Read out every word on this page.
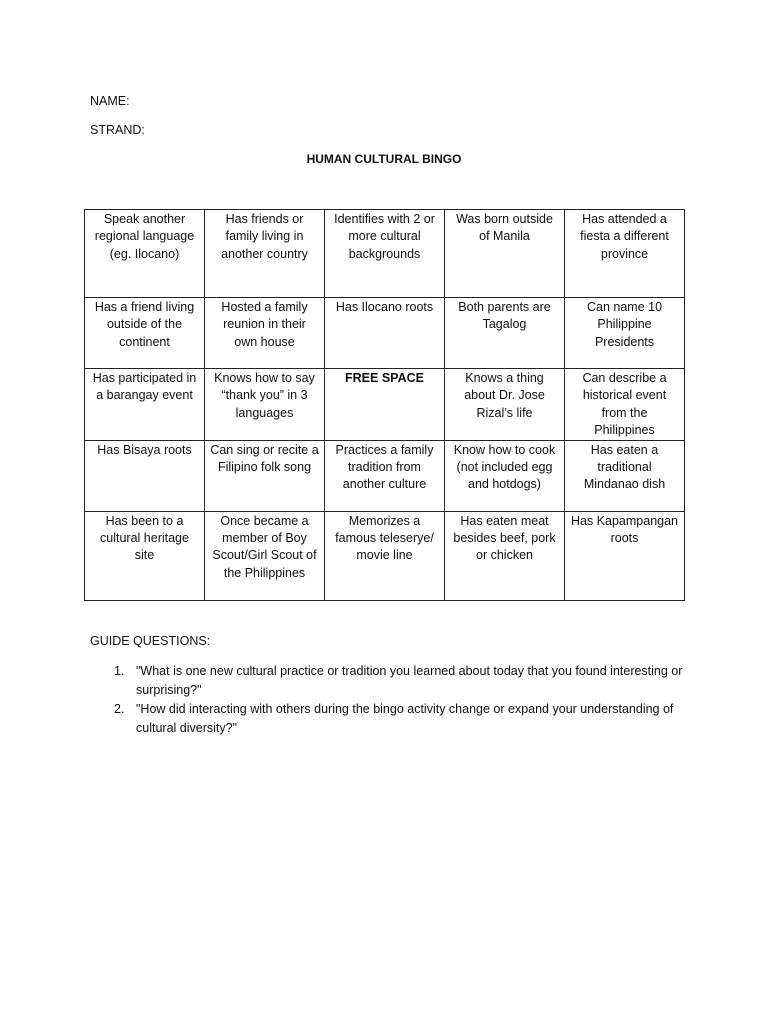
NAME:
STRAND:
HUMAN CULTURAL BINGO
Speak another regional language (eg. Ilocano)	Has friends or family living in another country	Identifies with 2 or more cultural backgrounds	Was born outside of Manila	Has attended a fiesta a different province
Has a friend living outside of the continent	Hosted a family reunion in their own house	Has Ilocano roots	Both parents are Tagalog	Can name 10 Philippine Presidents
Has participated in a barangay event	Knows how to say “thank you” in 3 languages	FREE SPACE	Knows a thing about Dr. Jose Rizal’s life	Can describe a historical event from the Philippines
Has Bisaya roots	Can sing or recite a Filipino folk song	Practices a family tradition from another culture	Know how to cook (not included egg and hotdogs)	Has eaten a traditional Mindanao dish
Has been to a cultural heritage site	Once became a member of Boy Scout/Girl Scout of the Philippines	Memorizes a famous teleserye/ movie line	Has eaten meat besides beef, pork or chicken	Has Kapampangan roots
GUIDE QUESTIONS:
1. "What is one new cultural practice or tradition you learned about today that you found interesting or surprising?"
2. "How did interacting with others during the bingo activity change or expand your understanding of cultural diversity?"
